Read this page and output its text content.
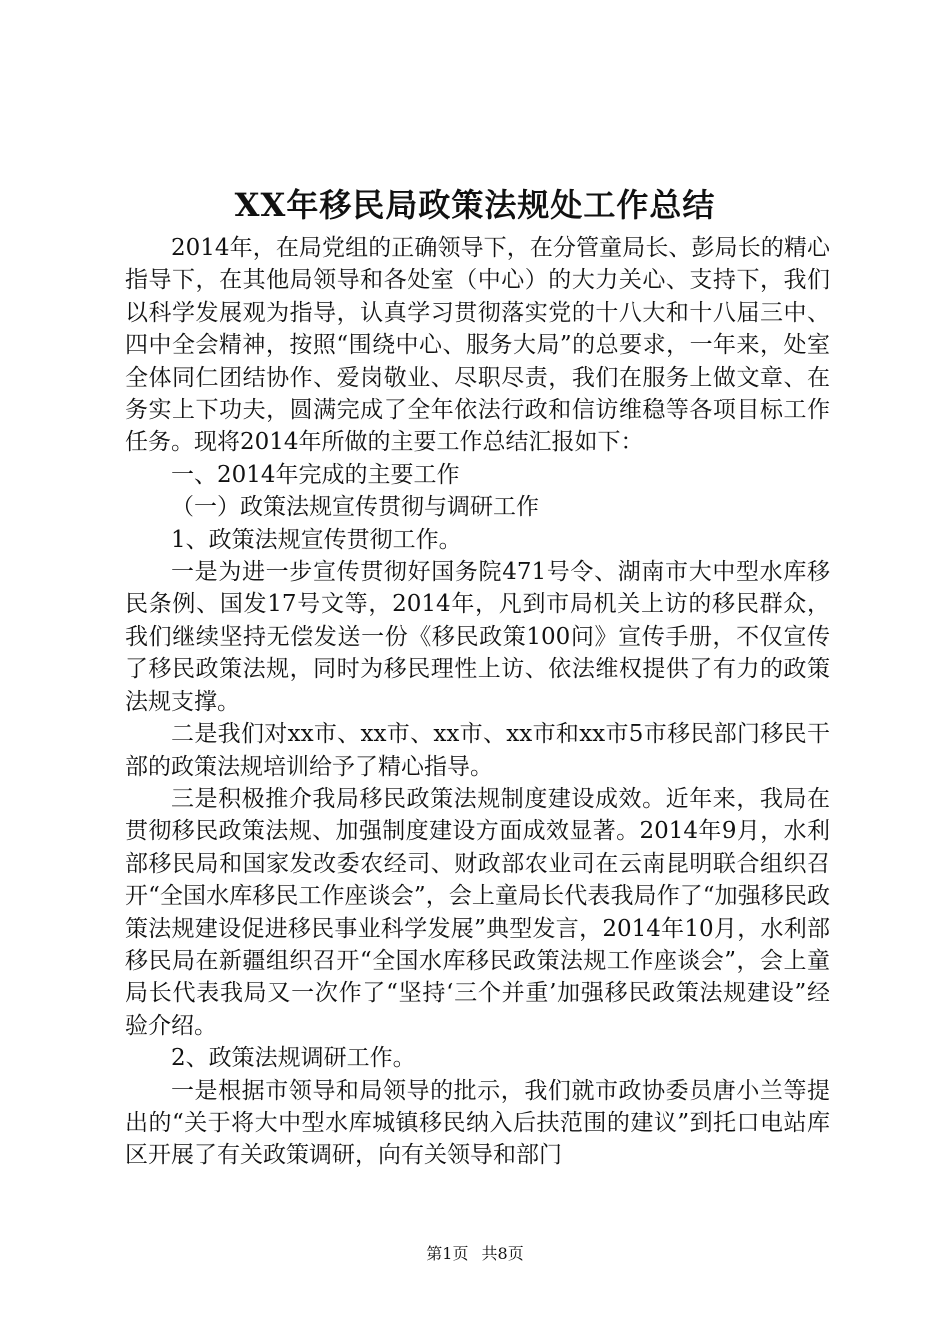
XX年移民局政策法规处工作总结

2014年，在局党组的正确领导下，在分管童局长、彭局长的精心指导下，在其他局领导和各处室（中心）的大力关心、支持下，我们以科学发展观为指导，认真学习贯彻落实党的十八大和十八届三中、四中全会精神，按照“围绕中心、服务大局”的总要求，一年来，处室全体同仁团结协作、爱岗敬业、尽职尽责，我们在服务上做文章、在务实上下功夫，圆满完成了全年依法行政和信访维稳等各项目标工作任务。现将2014年所做的主要工作总结汇报如下：

一、2014年完成的主要工作

（一）政策法规宣传贯彻与调研工作

1、政策法规宣传贯彻工作。

一是为进一步宣传贯彻好国务院471号令、湖南市大中型水库移民条例、国发17号文等，2014年，凡到市局机关上访的移民群众，我们继续坚持无偿发送一份《移民政策100问》宣传手册，不仅宣传了移民政策法规，同时为移民理性上访、依法维权提供了有力的政策法规支撑。

二是我们对xx市、xx市、xx市、xx市和xx市5市移民部门移民干部的政策法规培训给予了精心指导。

三是积极推介我局移民政策法规制度建设成效。近年来，我局在贯彻移民政策法规、加强制度建设方面成效显著。2014年9月，水利部移民局和国家发改委农经司、财政部农业司在云南昆明联合组织召开“全国水库移民工作座谈会”，会上童局长代表我局作了“加强移民政策法规建设促进移民事业科学发展”典型发言，2014年10月，水利部移民局在新疆组织召开“全国水库移民政策法规工作座谈会”，会上童局长代表我局又一次作了“坚持‘三个并重’加强移民政策法规建设”经验介绍。

2、政策法规调研工作。

一是根据市领导和局领导的批示，我们就市政协委员唐小兰等提出的“关于将大中型水库城镇移民纳入后扶范围的建议”到托口电站库区开展了有关政策调研，向有关领导和部门

第1页 共8页
